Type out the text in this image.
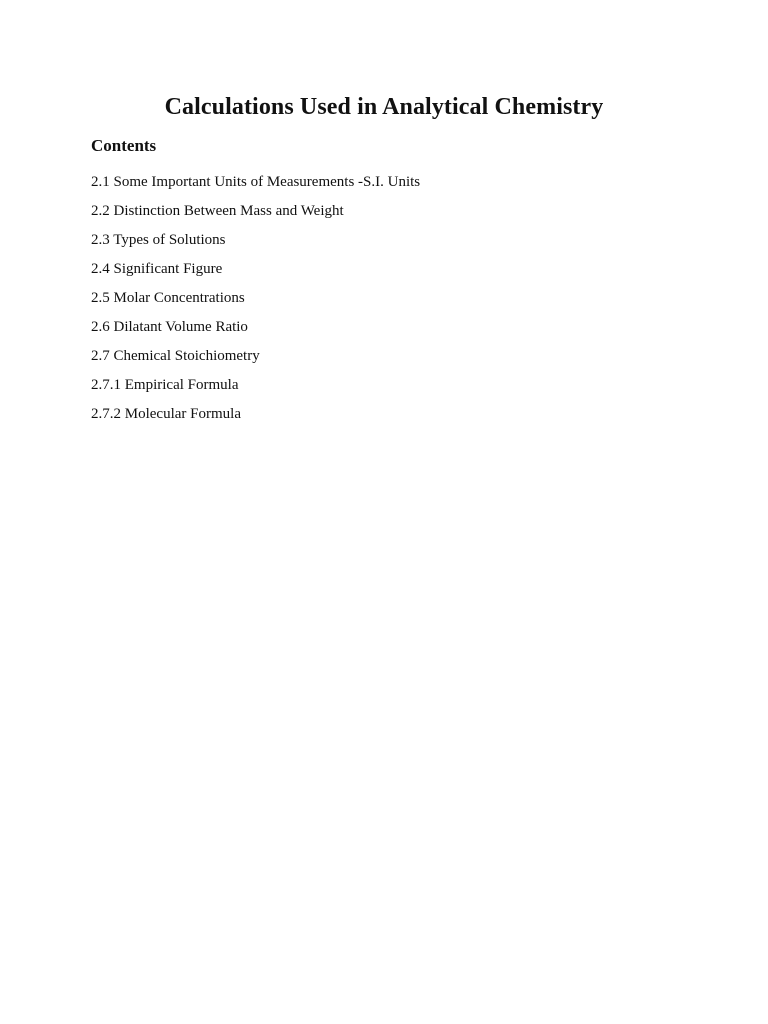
Calculations Used in Analytical Chemistry
Contents
2.1 Some Important Units of Measurements -S.I. Units
2.2 Distinction Between Mass and Weight
2.3 Types of Solutions
2.4 Significant Figure
2.5 Molar Concentrations
2.6 Dilatant Volume Ratio
2.7 Chemical Stoichiometry
2.7.1 Empirical Formula
2.7.2 Molecular Formula
